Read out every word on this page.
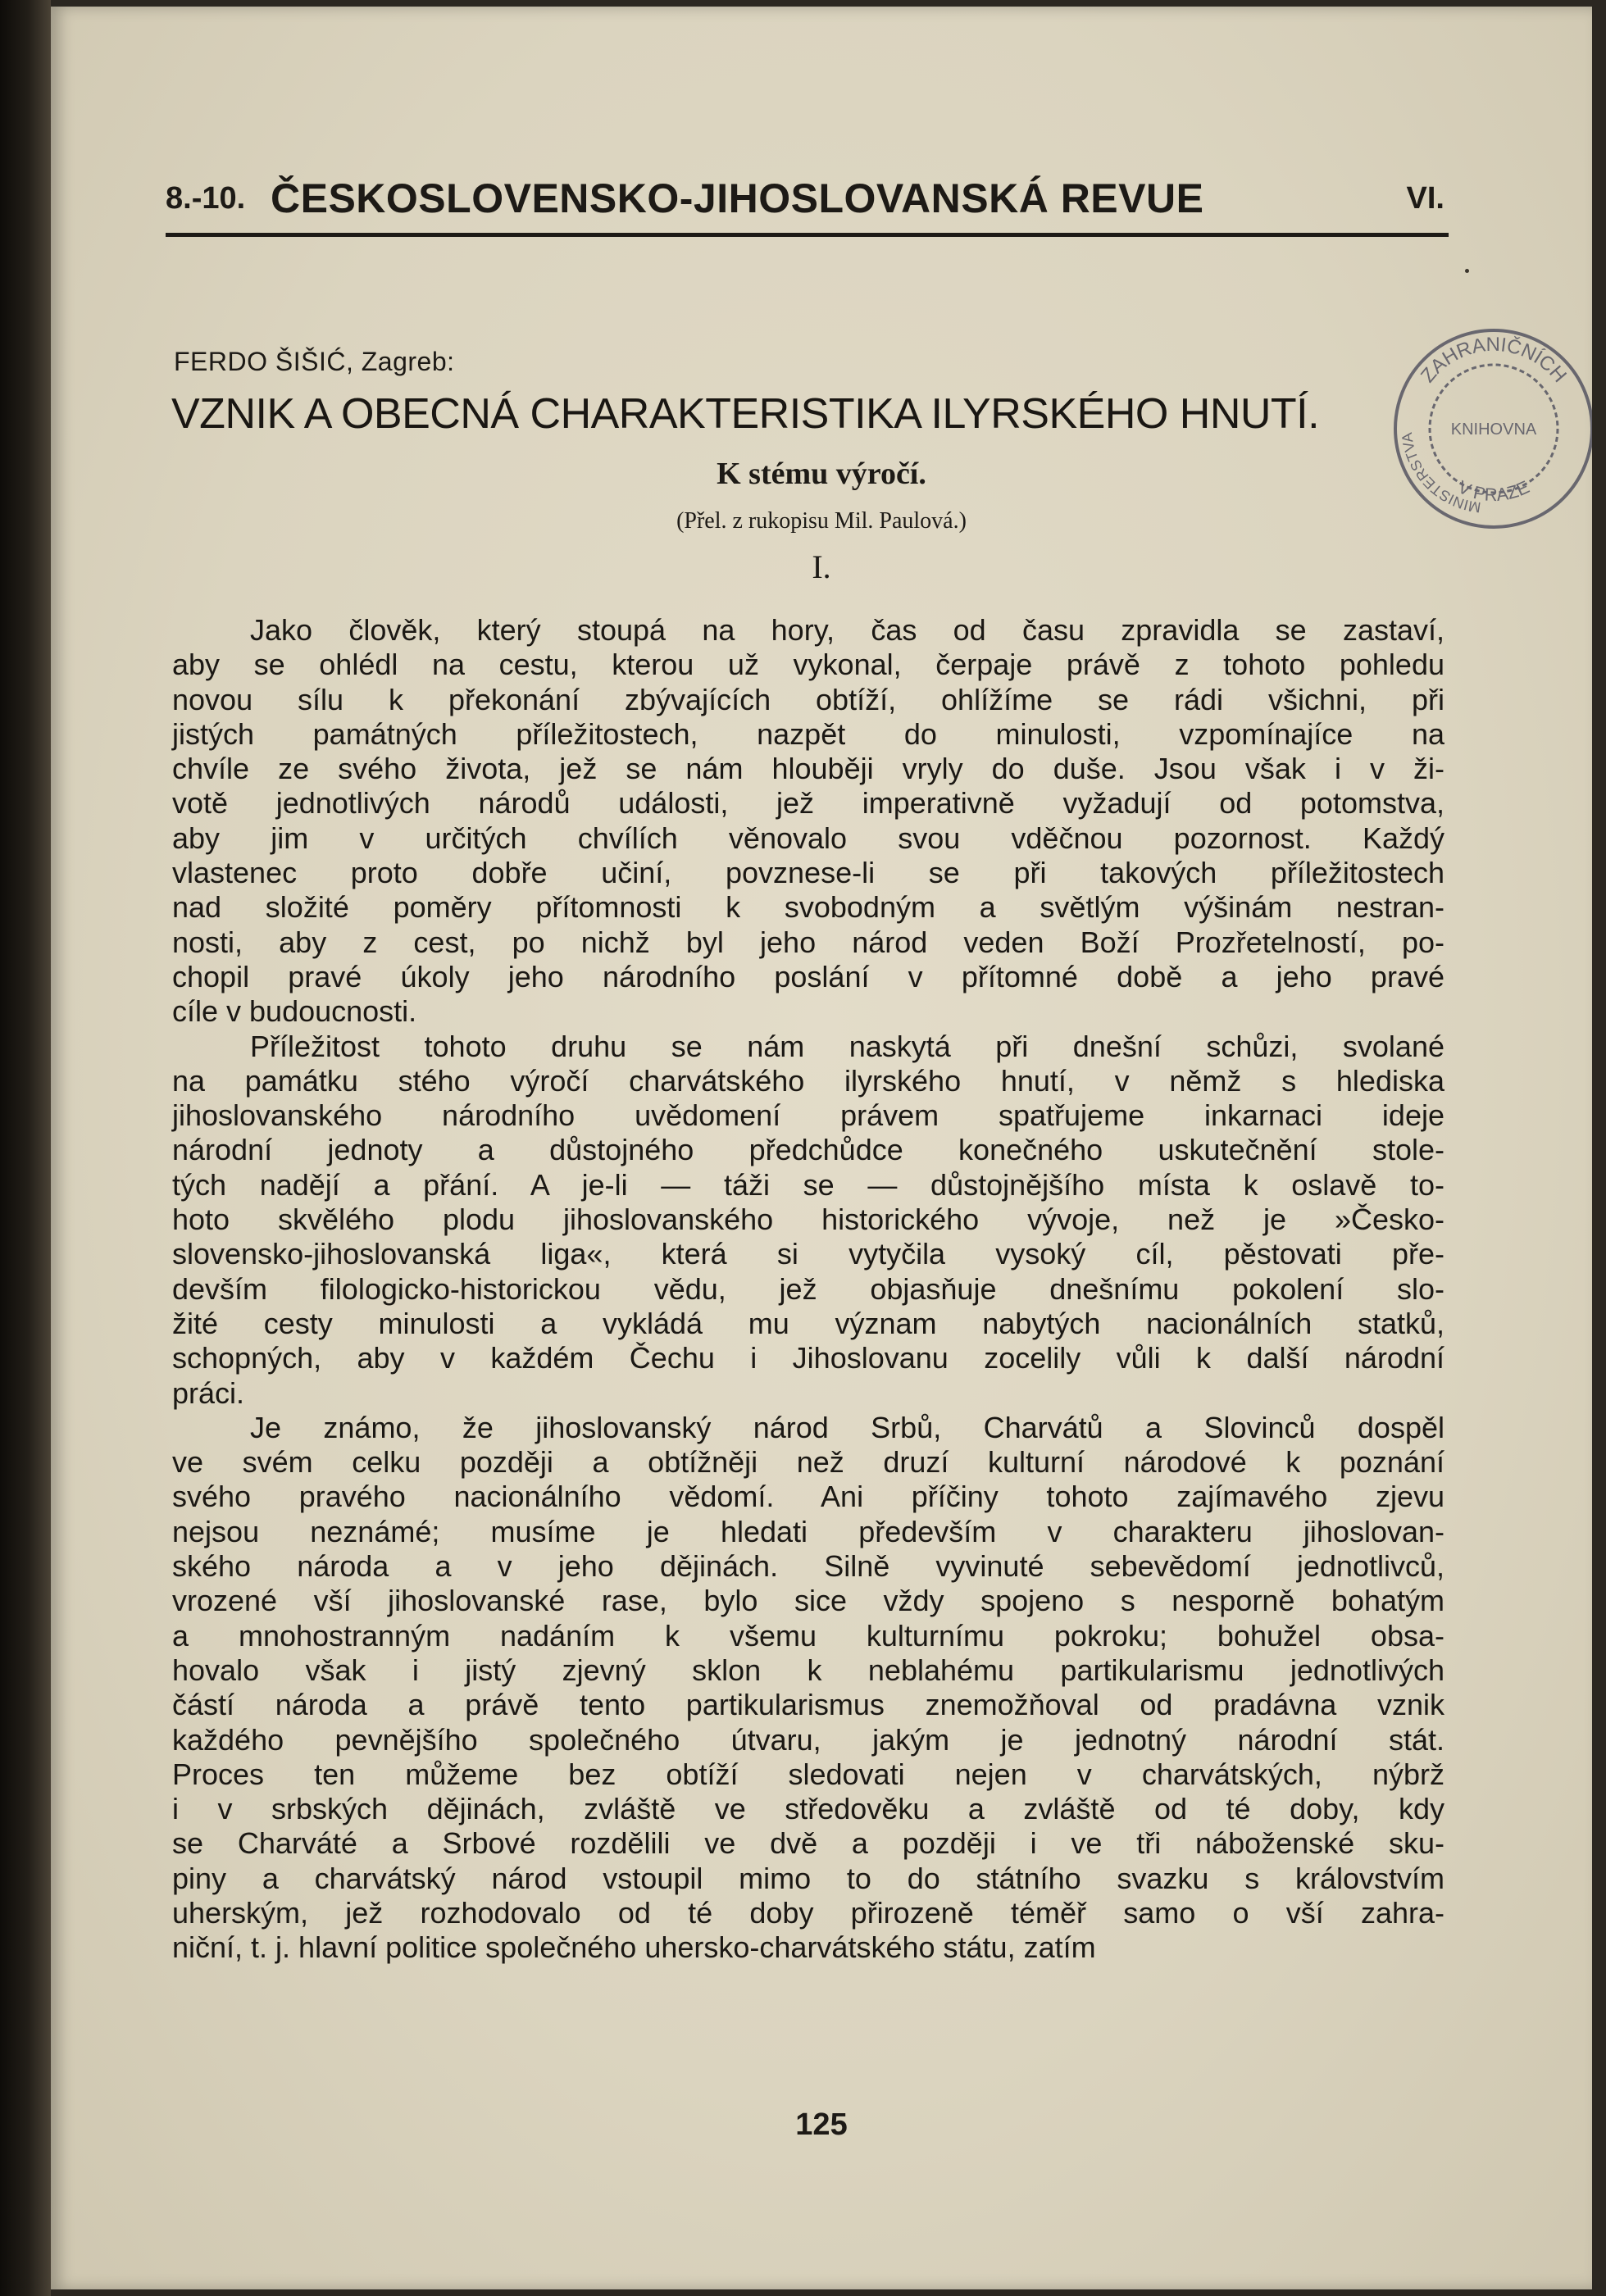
8.-10. ČESKOSLOVENSKO-JIHOSLOVANSKÁ REVUE	VI.
FERDO ŠIŠIĆ, Zagreb:
VZNIK A OBECNÁ CHARAKTERISTIKA ILYRSKÉHO HNUTÍ.
K stému výročí.
(Přel. z rukopisu Mil. Paulová.)
I.

Jako člověk, který stoupá na hory, čas od času zpravidla se zastaví,
aby se ohlédl na cestu, kterou už vykonal, čerpaje právě z tohoto pohledu
novou sílu k překonání zbývajících obtíží, ohlížíme se rádi všichni, při
jistých památných příležitostech, nazpět do minulosti, vzpomínajíce na
chvíle ze svého života, jež se nám hlouběji vryly do duše. Jsou však i v ži-
votě jednotlivých národů události, jež imperativně vyžadují od potomstva,
aby jim v určitých chvílích věnovalo svou vděčnou pozornost. Každý
vlastenec proto dobře učiní, povznese-li se při takových příležitostech
nad složité poměry přítomnosti k svobodným a světlým výšinám nestran-
nosti, aby z cest, po nichž byl jeho národ veden Boží Prozřetelností, po-
chopil pravé úkoly jeho národního poslání v přítomné době a jeho pravé
cíle v budoucnosti.

Příležitost tohoto druhu se nám naskytá při dnešní schůzi, svolané
na památku stého výročí charvátského ilyrského hnutí, v němž s hlediska
jihoslovanského národního uvědomení právem spatřujeme inkarnaci ideje
národní jednoty a důstojného předchůdce konečného uskutečnění stole-
tých nadějí a přání. A je-li — táži se — důstojnějšího místa k oslavě to-
hoto skvělého plodu jihoslovanského historického vývoje, než je »Česko-
slovensko-jihoslovanská liga«, která si vytyčila vysoký cíl, pěstovati pře-
devším filologicko-historickou vědu, jež objasňuje dnešnímu pokolení slo-
žité cesty minulosti a vykládá mu význam nabytých nacionálních statků,
schopných, aby v každém Čechu i Jihoslovanu zocelily vůli k další národní
práci.

Je známo, že jihoslovanský národ Srbů, Charvátů a Slovinců dospěl
ve svém celku později a obtížněji než druzí kulturní národové k poznání
svého pravého nacionálního vědomí. Ani příčiny tohoto zajímavého zjevu
nejsou neznámé; musíme je hledati především v charakteru jihoslovan-
ského národa a v jeho dějinách. Silně vyvinuté sebevědomí jednotlivců,
vrozené vší jihoslovanské rase, bylo sice vždy spojeno s nesporně bohatým
a mnohostranným nadáním k všemu kulturnímu pokroku; bohužel obsa-
hovalo však i jistý zjevný sklon k neblahému partikularismu jednotlivých
částí národa a právě tento partikularismus znemožňoval od pradávna vznik
každého pevnějšího společného útvaru, jakým je jednotný národní stát.
Proces ten můžeme bez obtíží sledovati nejen v charvátských, nýbrž
i v srbských dějinách, zvláště ve středověku a zvláště od té doby, kdy
se Charváté a Srbové rozdělili ve dvě a později i ve tři náboženské sku-
piny a charvátský národ vstoupil mimo to do státního svazku s královstvím
uherským, jež rozhodovalo od té doby přirozeně téměř samo o vší zahra-
niční, t. j. hlavní politice společného uhersko-charvátského státu, zatím

125
ZAHRANIČNÍCH
V PRAZE
MINISTERSTVA	KNIHOVNA
